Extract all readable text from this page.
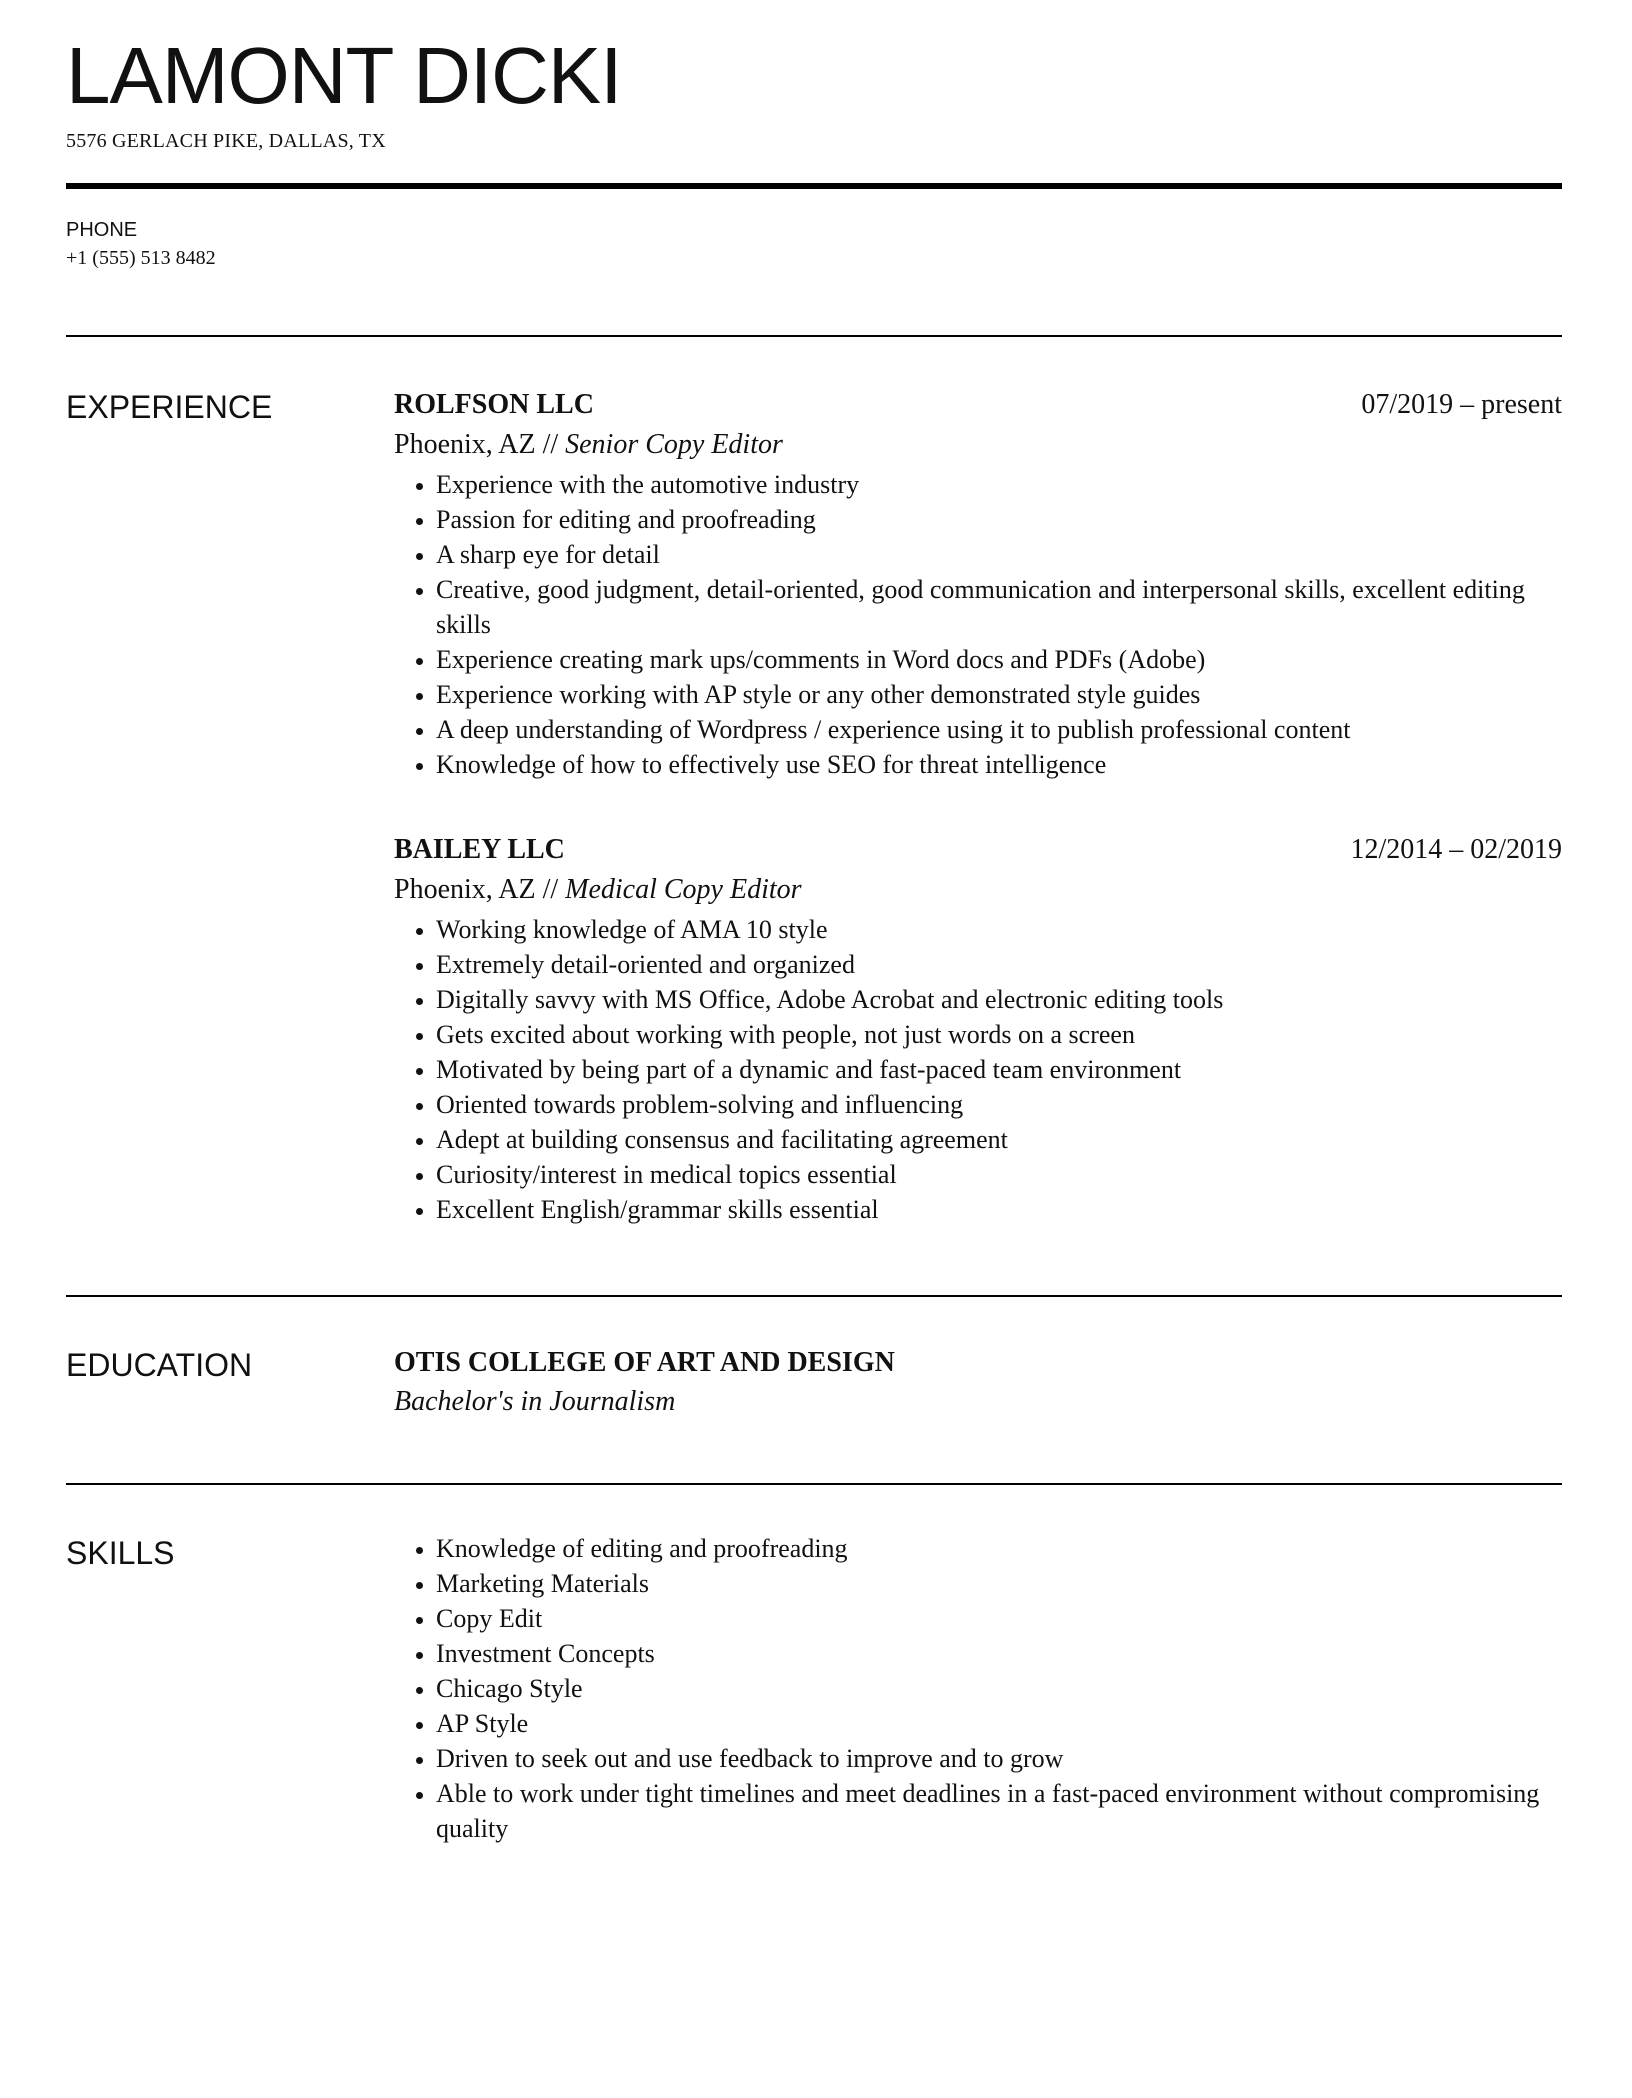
LAMONT DICKI
5576 GERLACH PIKE, DALLAS, TX
PHONE
+1 (555) 513 8482
EXPERIENCE	ROLFSON LLC	07/2019 – present
Phoenix, AZ // Senior Copy Editor
• Experience with the automotive industry
• Passion for editing and proofreading
• A sharp eye for detail
• Creative, good judgment, detail-oriented, good communication and interpersonal skills, excellent editing skills
• Experience creating mark ups/comments in Word docs and PDFs (Adobe)
• Experience working with AP style or any other demonstrated style guides
• A deep understanding of Wordpress / experience using it to publish professional content
• Knowledge of how to effectively use SEO for threat intelligence
BAILEY LLC	12/2014 – 02/2019
Phoenix, AZ // Medical Copy Editor
• Working knowledge of AMA 10 style
• Extremely detail-oriented and organized
• Digitally savvy with MS Office, Adobe Acrobat and electronic editing tools
• Gets excited about working with people, not just words on a screen
• Motivated by being part of a dynamic and fast-paced team environment
• Oriented towards problem-solving and influencing
• Adept at building consensus and facilitating agreement
• Curiosity/interest in medical topics essential
• Excellent English/grammar skills essential
EDUCATION	OTIS COLLEGE OF ART AND DESIGN
Bachelor's in Journalism
SKILLS
•	Knowledge of editing and proofreading
• Marketing Materials
• Copy Edit
• Investment Concepts
• Chicago Style
• AP Style
• Driven to seek out and use feedback to improve and to grow
• Able to work under tight timelines and meet deadlines in a fast-paced environment without compromising quality
